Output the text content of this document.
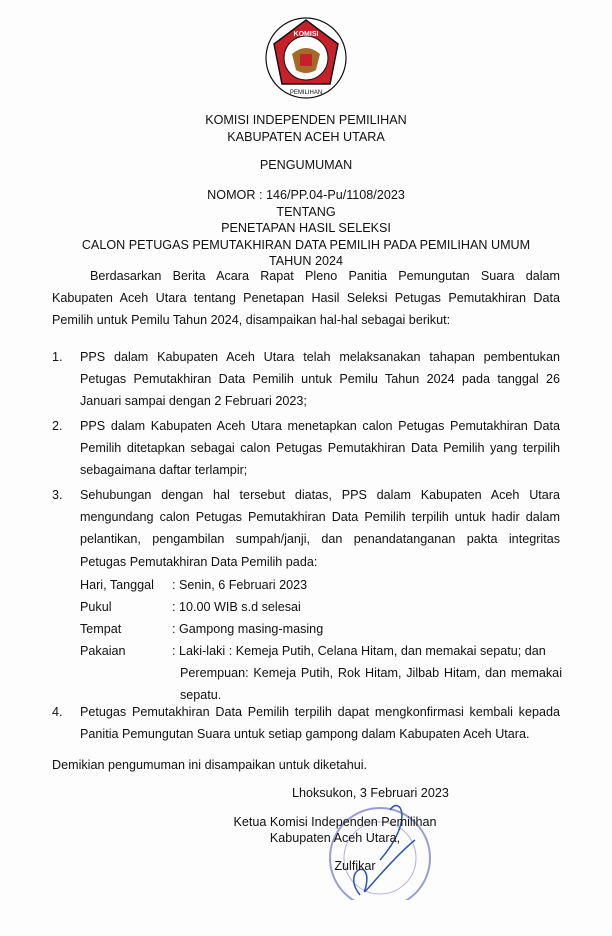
KOMISI
PEMILIHAN
KOMISI INDEPENDEN PEMILIHAN
KABUPATEN ACEH UTARA
PENGUMUMAN
NOMOR : 146/PP.04-Pu/1108/2023
TENTANG
PENETAPAN HASIL SELEKSI
CALON PETUGAS PEMUTAKHIRAN DATA PEMILIH PADA PEMILIHAN UMUM
TAHUN 2024
Berdasarkan Berita Acara Rapat Pleno Panitia Pemungutan Suara dalam Kabupaten Aceh Utara tentang Penetapan Hasil Seleksi Petugas Pemutakhiran Data Pemilih untuk Pemilu Tahun 2024, disampaikan hal-hal sebagai berikut:
1. PPS dalam Kabupaten Aceh Utara telah melaksanakan tahapan pembentukan Petugas Pemutakhiran Data Pemilih untuk Pemilu Tahun 2024 pada tanggal 26 Januari sampai dengan 2 Februari 2023;
2. PPS dalam Kabupaten Aceh Utara menetapkan calon Petugas Pemutakhiran Data Pemilih ditetapkan sebagai calon Petugas Pemutakhiran Data Pemilih yang terpilih sebagaimana daftar terlampir;
3. Sehubungan dengan hal tersebut diatas, PPS dalam Kabupaten Aceh Utara mengundang calon Petugas Pemutakhiran Data Pemilih terpilih untuk hadir dalam pelantikan, pengambilan sumpah/janji, dan penandatanganan pakta integritas Petugas Pemutakhiran Data Pemilih pada:
Hari, Tanggal : Senin, 6 Februari 2023
Pukul	: 10.00 WIB s.d selesai
Tempat	: Gampong masing-masing
Pakaian	: Laki-laki : Kemeja Putih, Celana Hitam, dan memakai sepatu; dan
Perempuan: Kemeja Putih, Rok Hitam, Jilbab Hitam, dan memakai sepatu.
4. Petugas Pemutakhiran Data Pemilih terpilih dapat mengkonfirmasi kembali kepada Panitia Pemungutan Suara untuk setiap gampong dalam Kabupaten Aceh Utara.
Demikian pengumuman ini disampaikan untuk diketahui.
Lhoksukon, 3 Februari 2023
Ketua Komisi Independen Pemilihan
Kabupaten Aceh Utara,
Zulfikar
